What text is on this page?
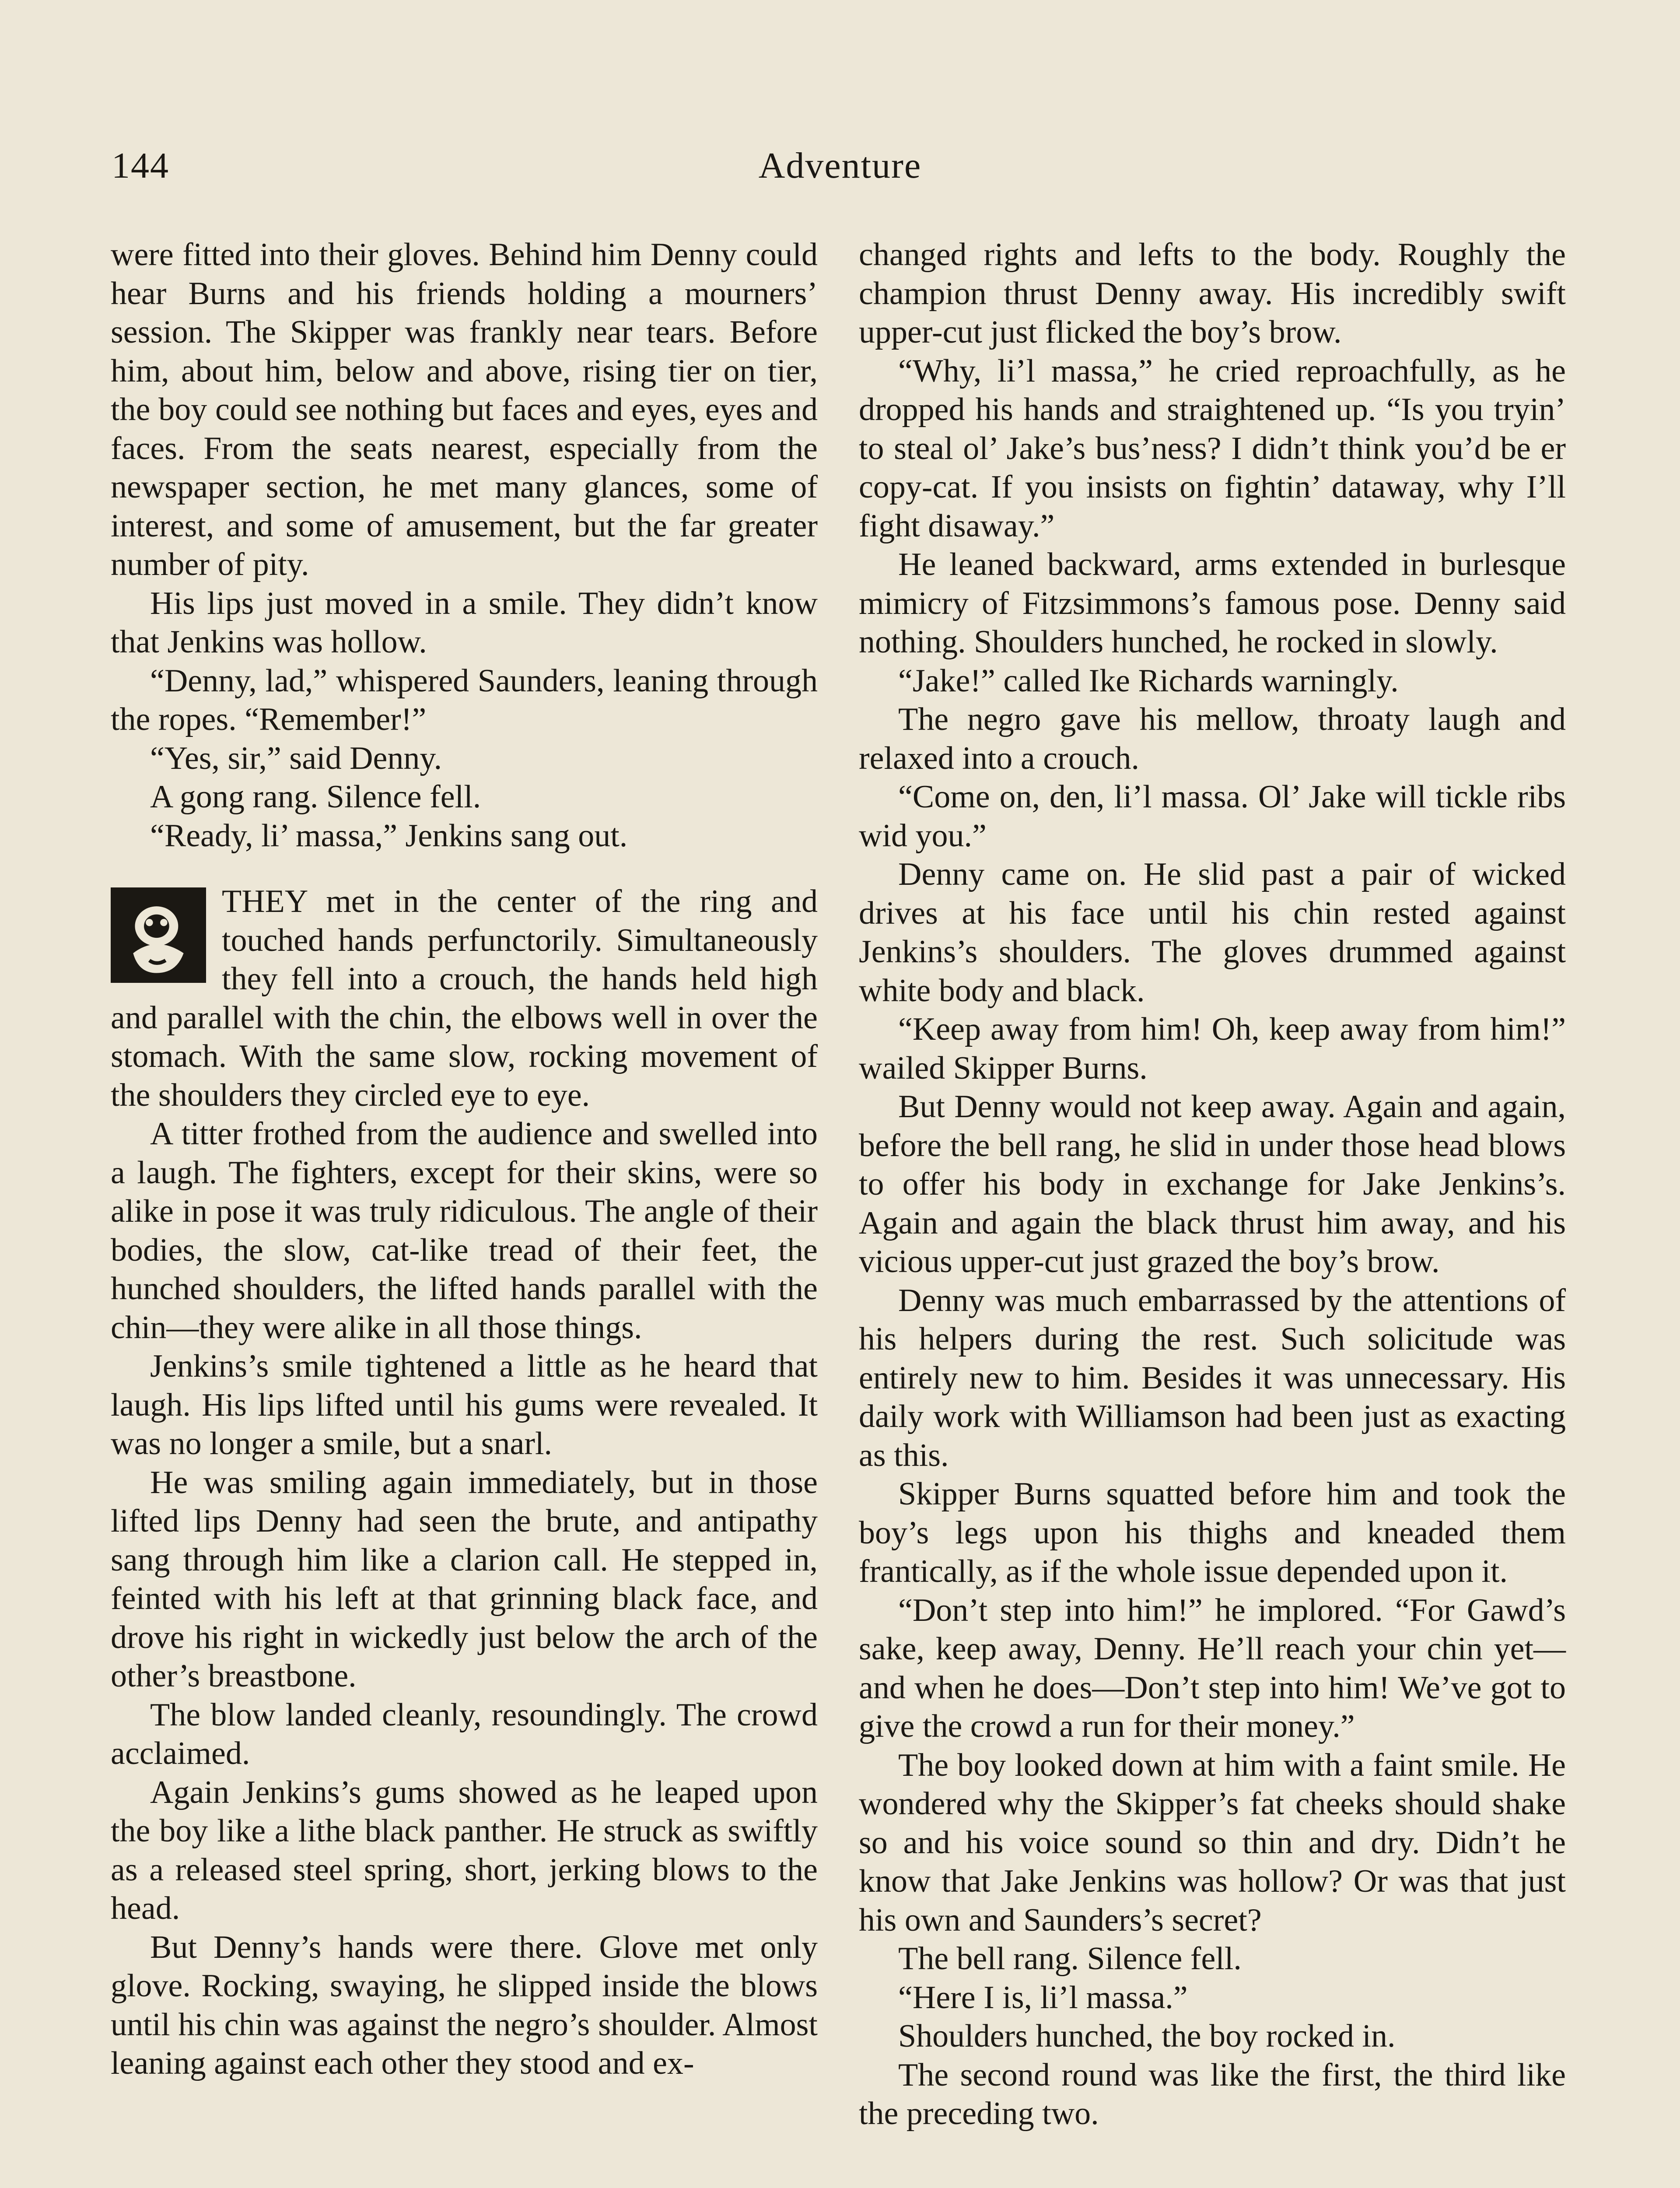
144	Adventure

were fitted into their gloves. Behind him Denny could hear Burns and his friends holding a mourners’ session. The Skipper was frankly near tears. Before him, about him, below and above, rising tier on tier, the boy could see nothing but faces and eyes, eyes and faces. From the seats nearest, especially from the newspaper section, he met many glances, some of interest, and some of amusement, but the far greater number of pity.

His lips just moved in a smile. They didn’t know that Jenkins was hollow.

“Denny, lad,” whispered Saunders, leaning through the ropes. “Remember!”

“Yes, sir,” said Denny.

A gong rang. Silence fell.

“Ready, li’ massa,” Jenkins sang out.

THEY met in the center of the ring and touched hands perfunctorily. Simultaneously they fell into a crouch, the hands held high and parallel with the chin, the elbows well in over the stomach. With the same slow, rocking movement of the shoulders they circled eye to eye.

A titter frothed from the audience and swelled into a laugh. The fighters, except for their skins, were so alike in pose it was truly ridiculous. The angle of their bodies, the slow, cat-like tread of their feet, the hunched shoulders, the lifted hands parallel with the chin—they were alike in all those things.

Jenkins’s smile tightened a little as he heard that laugh. His lips lifted until his gums were revealed. It was no longer a smile, but a snarl.

He was smiling again immediately, but in those lifted lips Denny had seen the brute, and antipathy sang through him like a clarion call. He stepped in, feinted with his left at that grinning black face, and drove his right in wickedly just below the arch of the other’s breastbone.

The blow landed cleanly, resoundingly. The crowd acclaimed.

Again Jenkins’s gums showed as he leaped upon the boy like a lithe black panther. He struck as swiftly as a released steel spring, short, jerking blows to the head.

But Denny’s hands were there. Glove met only glove. Rocking, swaying, he slipped inside the blows until his chin was against the negro’s shoulder. Almost leaning against each other they stood and ex-

changed rights and lefts to the body. Roughly the champion thrust Denny away. His incredibly swift upper-cut just flicked the boy’s brow.

“Why, li’l massa,” he cried reproachfully, as he dropped his hands and straightened up. “Is you tryin’ to steal ol’ Jake’s bus’ness? I didn’t think you’d be er copy-cat. If you insists on fightin’ dataway, why I’ll fight disaway.”

He leaned backward, arms extended in burlesque mimicry of Fitzsimmons’s famous pose. Denny said nothing. Shoulders hunched, he rocked in slowly.

“Jake!” called Ike Richards warningly.

The negro gave his mellow, throaty laugh and relaxed into a crouch.

“Come on, den, li’l massa. Ol’ Jake will tickle ribs wid you.”

Denny came on. He slid past a pair of wicked drives at his face until his chin rested against Jenkins’s shoulders. The gloves drummed against white body and black.

“Keep away from him! Oh, keep away from him!” wailed Skipper Burns.

But Denny would not keep away. Again and again, before the bell rang, he slid in under those head blows to offer his body in exchange for Jake Jenkins’s. Again and again the black thrust him away, and his vicious upper-cut just grazed the boy’s brow.

Denny was much embarrassed by the attentions of his helpers during the rest. Such solicitude was entirely new to him. Besides it was unnecessary. His daily work with Williamson had been just as exacting as this.

Skipper Burns squatted before him and took the boy’s legs upon his thighs and kneaded them frantically, as if the whole issue depended upon it.

“Don’t step into him!” he implored. “For Gawd’s sake, keep away, Denny. He’ll reach your chin yet—and when he does—Don’t step into him! We’ve got to give the crowd a run for their money.”

The boy looked down at him with a faint smile. He wondered why the Skipper’s fat cheeks should shake so and his voice sound so thin and dry. Didn’t he know that Jake Jenkins was hollow? Or was that just his own and Saunders’s secret?

The bell rang. Silence fell.

“Here I is, li’l massa.”

Shoulders hunched, the boy rocked in.

The second round was like the first, the third like the preceding two.
